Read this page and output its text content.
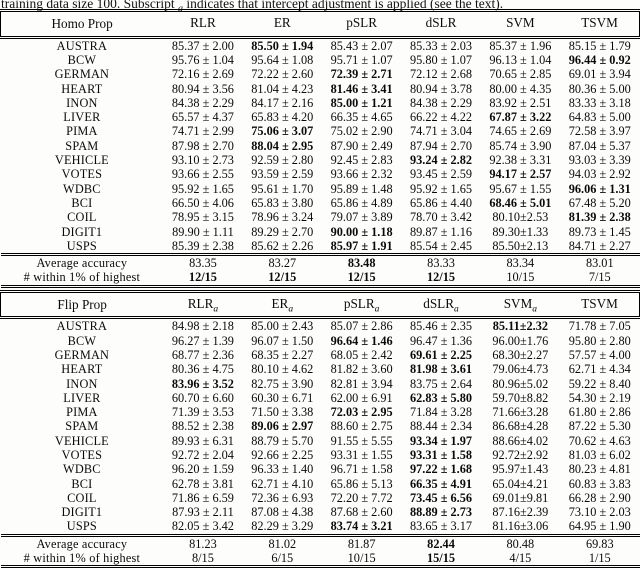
training data size 100. Subscript $_a$ indicates that intercept adjustment is applied (see the text).
Homo Prop	RLR	ER	pSLR	dSLR	SVM	TSVM
AUSTRA	85.37 ± 2.00	85.50 ± 1.94	85.43 ± 2.07	85.33 ± 2.03	85.37 ± 1.96	85.15 ± 1.79
BCW	95.76 ± 1.04	95.64 ± 1.08	95.71 ± 1.07	95.80 ± 1.07	96.13 ± 1.04	96.44 ± 0.92
GERMAN	72.16 ± 2.69	72.22 ± 2.60	72.39 ± 2.71	72.12 ± 2.68	70.65 ± 2.85	69.01 ± 3.94
HEART	80.94 ± 3.56	81.04 ± 4.23	81.46 ± 3.41	80.94 ± 3.78	80.00 ± 4.35	80.36 ± 5.00
INON	84.38 ± 2.29	84.17 ± 2.16	85.00 ± 1.21	84.38 ± 2.29	83.92 ± 2.51	83.33 ± 3.18
LIVER	65.57 ± 4.37	65.83 ± 4.20	66.35 ± 4.65	66.22 ± 4.22	67.87 ± 3.22	64.83 ± 5.00
PIMA	74.71 ± 2.99	75.06 ± 3.07	75.02 ± 2.90	74.71 ± 3.04	74.65 ± 2.69	72.58 ± 3.97
SPAM	87.98 ± 2.70	88.04 ± 2.95	87.90 ± 2.49	87.94 ± 2.70	85.74 ± 3.90	87.04 ± 5.37
VEHICLE	93.10 ± 2.73	92.59 ± 2.80	92.45 ± 2.83	93.24 ± 2.82	92.38 ± 3.31	93.03 ± 3.39
VOTES	93.66 ± 2.55	93.59 ± 2.59	93.66 ± 2.32	93.45 ± 2.59	94.17 ± 2.57	94.03 ± 2.92
WDBC	95.92 ± 1.65	95.61 ± 1.70	95.89 ± 1.48	95.92 ± 1.65	95.67 ± 1.55	96.06 ± 1.31
BCI	66.50 ± 4.06	65.83 ± 3.80	65.86 ± 4.89	65.86 ± 4.40	68.46 ± 5.01	67.48 ± 5.20
COIL	78.95 ± 3.15	78.96 ± 3.24	79.07 ± 3.89	78.70 ± 3.42	80.10±2.53	81.39 ± 2.38
DIGIT1	89.90 ± 1.11	89.29 ± 2.70	90.00 ± 1.18	89.87 ± 1.16	89.30±1.33	89.73 ± 1.45
USPS	85.39 ± 2.38	85.62 ± 2.26	85.97 ± 1.91	85.54 ± 2.45	85.50±2.13	84.71 ± 2.27
Average accuracy	83.35	83.27	83.48	83.33	83.34	83.01
# within 1% of highest	12/15	12/15	12/15	12/15	10/15	7/15
Flip Prop	$RLR_a$	$ER_a$	pSLR$_a$	dSLR$_a$	$SVM_a$	TSVM
AUSTRA	84.98 ± 2.18	85.00 ± 2.43	85.07 ± 2.86	85.46 ± 2.35	85.11±2.32	71.78 ± 7.05
BCW	96.27 ± 1.39	96.07 ± 1.50	96.64 ± 1.46	96.47 ± 1.36	96.00±1.76	95.80 ± 2.80
GERMAN	68.77 ± 2.36	68.35 ± 2.27	68.05 ± 2.42	69.61 ± 2.25	68.30±2.27	57.57 ± 4.00
HEART	80.36 ± 4.75	80.10 ± 4.62	81.82 ± 3.60	81.98 ± 3.61	79.06±4.73	62.71 ± 4.34
INON	83.96 ± 3.52	82.75 ± 3.90	82.81 ± 3.94	83.75 ± 2.64	80.96±5.02	59.22 ± 8.40
LIVER	60.70 ± 6.60	60.30 ± 6.71	62.00 ± 6.91	62.83 ± 5.80	59.70±8.82	54.30 ± 2.19
PIMA	71.39 ± 3.53	71.50 ± 3.38	72.03 ± 2.95	71.84 ± 3.28	71.66±3.28	61.80 ± 2.86
SPAM	88.52 ± 2.38	89.06 ± 2.97	88.60 ± 2.75	88.44 ± 2.34	86.68±4.28	87.22 ± 5.30
VEHICLE	89.93 ± 6.31	88.79 ± 5.70	91.55 ± 5.55	93.34 ± 1.97	88.66±4.02	70.62 ± 4.63
VOTES	92.72 ± 2.04	92.66 ± 2.25	93.31 ± 1.55	93.31 ± 1.58	92.72±2.92	81.03 ± 6.02
WDBC	96.20 ± 1.59	96.33 ± 1.40	96.71 ± 1.58	97.22 ± 1.68	95.97±1.43	80.23 ± 4.81
BCI	62.78 ± 3.81	62.71 ± 4.10	65.86 ± 5.13	66.35 ± 4.91	65.04±4.21	60.83 ± 3.83
COIL	71.86 ± 6.59	72.36 ± 6.93	72.20 ± 7.72	73.45 ± 6.56	69.01±9.81	66.28 ± 2.90
DIGIT1	87.93 ± 2.11	87.08 ± 4.38	87.68 ± 2.60	88.89 ± 2.73	87.16±2.39	73.10 ± 2.03
USPS	82.05 ± 3.42	82.29 ± 3.29	83.74 ± 3.21	83.65 ± 3.17	81.16±3.06	64.95 ± 1.90
Average accuracy	81.23	81.02	81.87	82.44	80.48	69.83
# within 1% of highest	8/15	6/15	10/15	15/15	4/15	1/15
